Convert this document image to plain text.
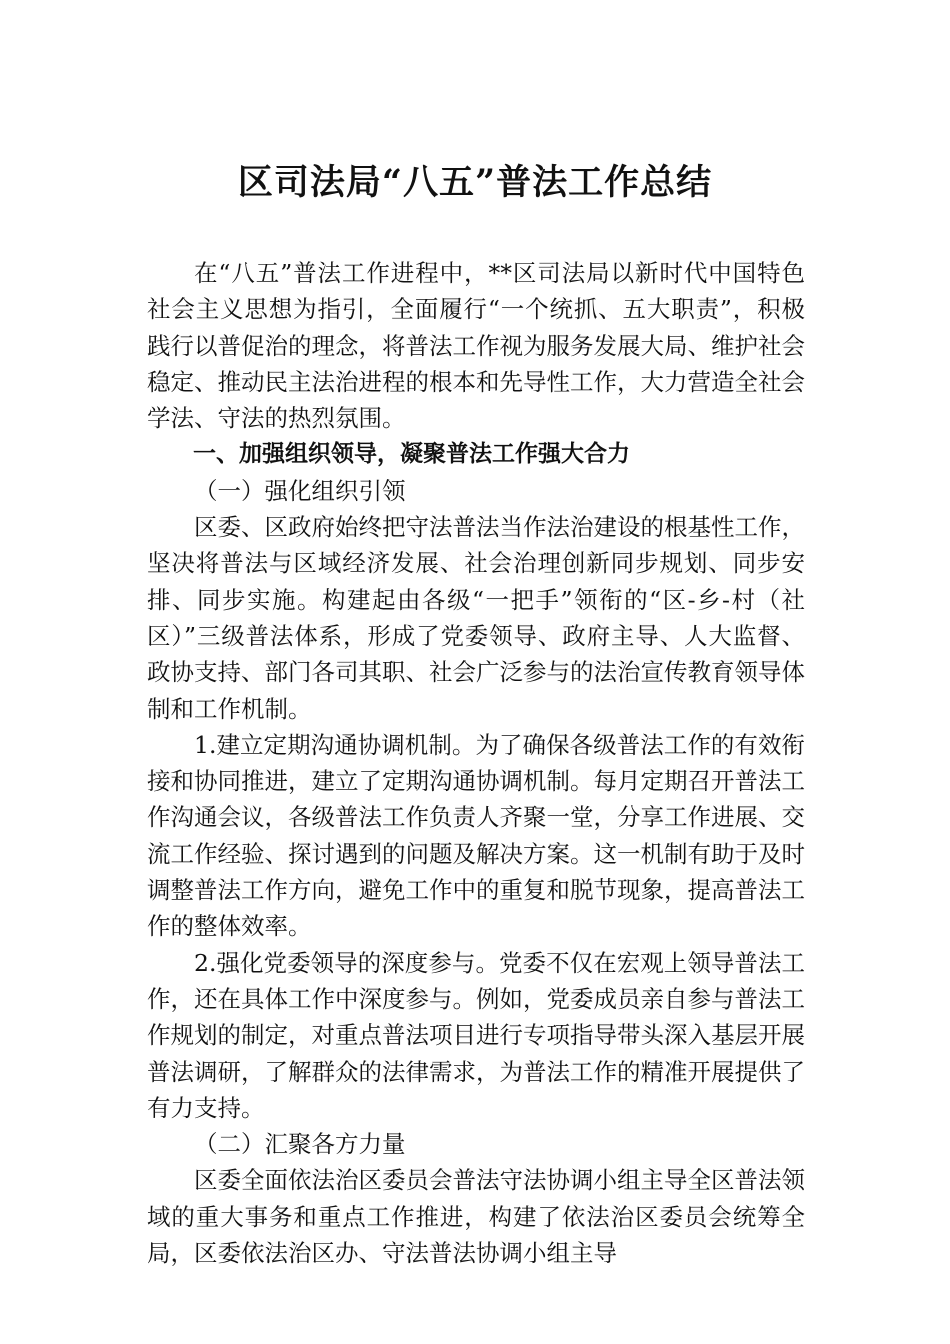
区司法局“八五”普法工作总结

在“八五”普法工作进程中，**区司法局以新时代中国特色社会主义思想为指引，全面履行“一个统抓、五大职责”，积极践行以普促治的理念，将普法工作视为服务发展大局、维护社会稳定、推动民主法治进程的根本和先导性工作，大力营造全社会学法、守法的热烈氛围。

一、加强组织领导，凝聚普法工作强大合力

（一）强化组织引领

区委、区政府始终把守法普法当作法治建设的根基性工作，坚决将普法与区域经济发展、社会治理创新同步规划、同步安排、同步实施。构建起由各级“一把手”领衔的“区-乡-村（社区）”三级普法体系，形成了党委领导、政府主导、人大监督、政协支持、部门各司其职、社会广泛参与的法治宣传教育领导体制和工作机制。

1.建立定期沟通协调机制。为了确保各级普法工作的有效衔接和协同推进，建立了定期沟通协调机制。每月定期召开普法工作沟通会议，各级普法工作负责人齐聚一堂，分享工作进展、交流工作经验、探讨遇到的问题及解决方案。这一机制有助于及时调整普法工作方向，避免工作中的重复和脱节现象，提高普法工作的整体效率。

2.强化党委领导的深度参与。党委不仅在宏观上领导普法工作，还在具体工作中深度参与。例如，党委成员亲自参与普法工作规划的制定，对重点普法项目进行专项指导带头深入基层开展普法调研，了解群众的法律需求，为普法工作的精准开展提供了有力支持。

（二）汇聚各方力量

区委全面依法治区委员会普法守法协调小组主导全区普法领域的重大事务和重点工作推进，构建了依法治区委员会统筹全局，区委依法治区办、守法普法协调小组主导
